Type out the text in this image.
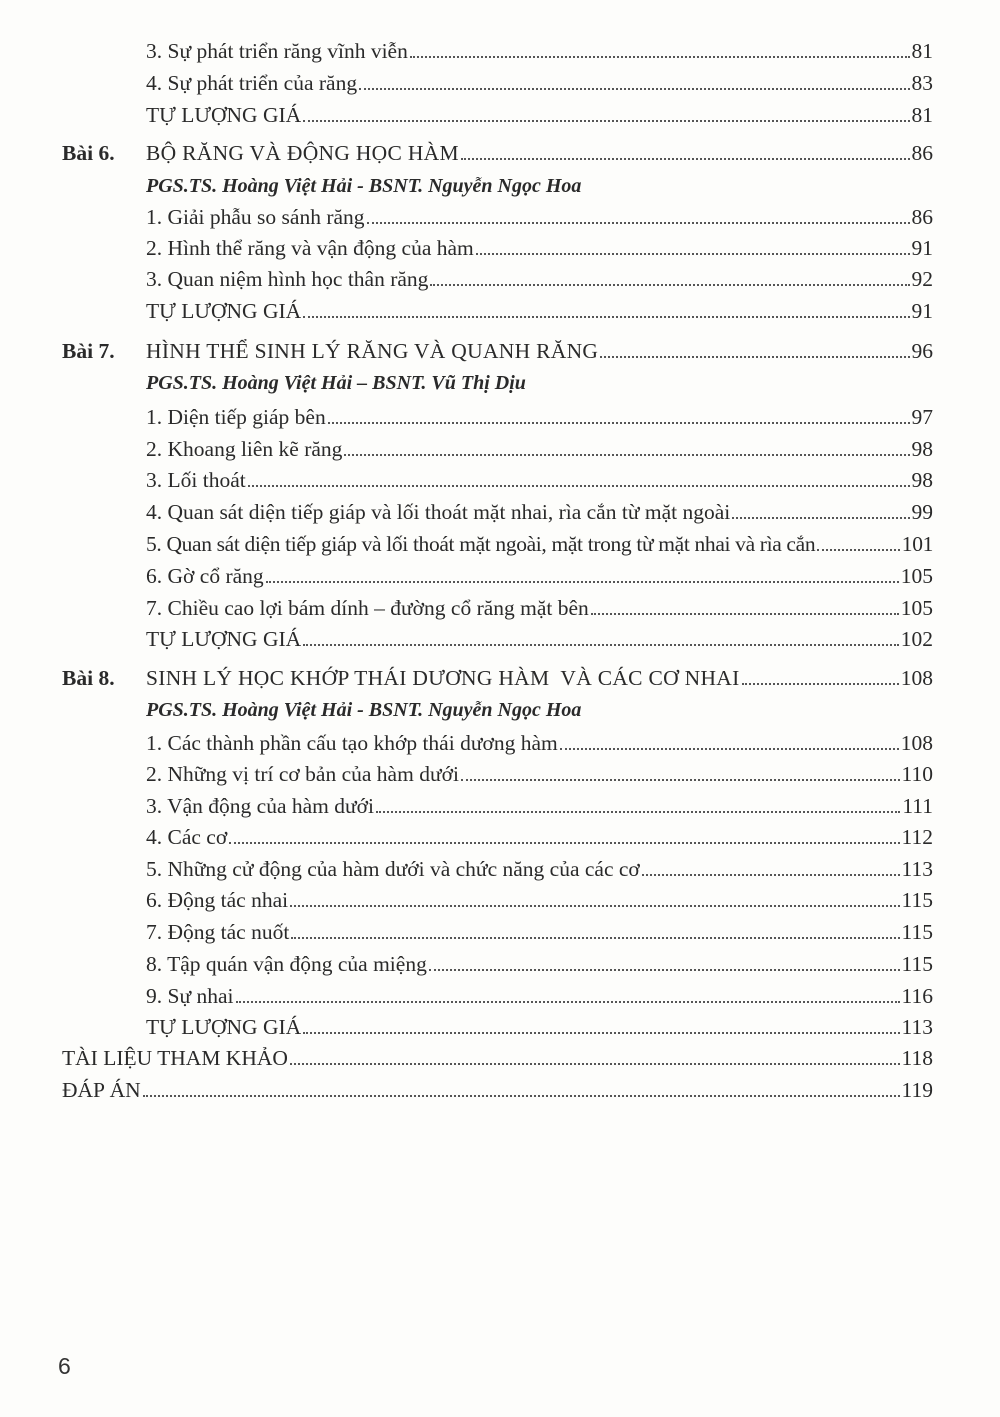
3. Sự phát triển răng vĩnh viễn	81
4. Sự phát triển của răng	83
TỰ LƯỢNG GIÁ	81
Bài 6. BỘ RĂNG VÀ ĐỘNG HỌC HÀM	86
PGS.TS. Hoàng Việt Hải - BSNT. Nguyễn Ngọc Hoa
1. Giải phẫu so sánh răng	86
2. Hình thể răng và vận động của hàm	91
3. Quan niệm hình học thân răng	92
TỰ LƯỢNG GIÁ	91
Bài 7. HÌNH THỂ SINH LÝ RĂNG VÀ QUANH RĂNG	96
PGS.TS. Hoàng Việt Hải – BSNT. Vũ Thị Dịu
1. Diện tiếp giáp bên	97
2. Khoang liên kẽ răng	98
3. Lối thoát	98
4. Quan sát diện tiếp giáp và lối thoát mặt nhai, rìa cắn từ mặt ngoài	99
5. Quan sát diện tiếp giáp và lối thoát mặt ngoài, mặt trong từ mặt nhai và rìa cắn	101
6. Gờ cổ răng	105
7. Chiều cao lợi bám dính – đường cổ răng mặt bên	105
TỰ LƯỢNG GIÁ	102
Bài 8. SINH LÝ HỌC KHỚP THÁI DƯƠNG HÀM  VÀ CÁC CƠ NHAI	108
PGS.TS. Hoàng Việt Hải - BSNT. Nguyễn Ngọc Hoa
1. Các thành phần cấu tạo khớp thái dương hàm	108
2. Những vị trí cơ bản của hàm dưới	110
3. Vận động của hàm dưới	111
4. Các cơ	112
5. Những cử động của hàm dưới và chức năng của các cơ	113
6. Động tác nhai	115
7. Động tác nuốt	115
8. Tập quán vận động của miệng	115
9. Sự nhai	116
TỰ LƯỢNG GIÁ	113
TÀI LIỆU THAM KHẢO	118
ĐÁP ÁN	119
6
